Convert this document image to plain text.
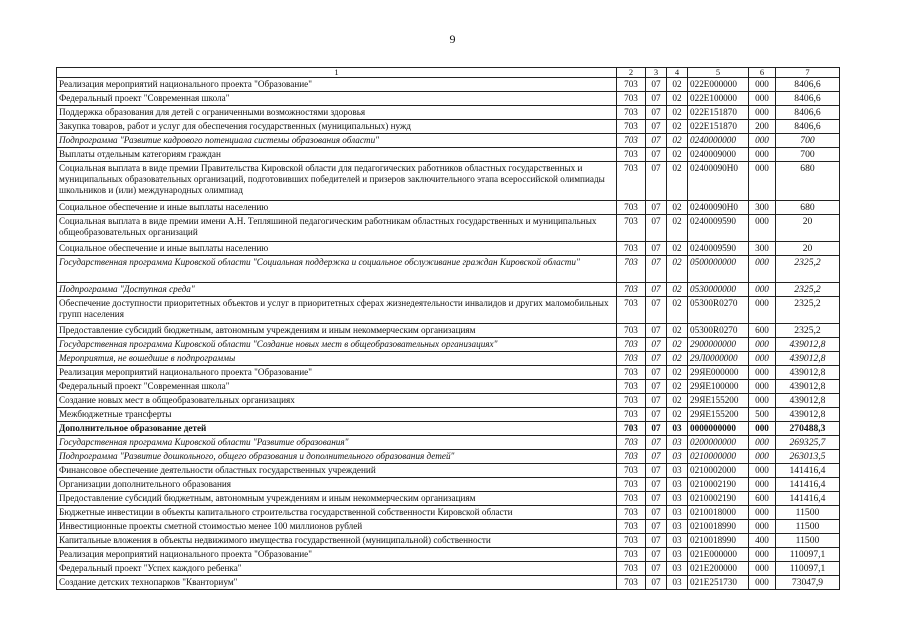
9
1	2	3	4	5	6	7
Реализация мероприятий национального проекта "Образование"	703	07	02	022E000000	000	8406,6
Федеральный проект "Современная школа"	703	07	02	022E100000	000	8406,6
Поддержка образования для детей с ограниченными возможностями здоровья	703	07	02	022E151870	000	8406,6
Закупка товаров, работ и услуг для обеспечения государственных (муниципальных) нужд	703	07	02	022E151870	200	8406,6
Подпрограмма "Развитие кадрового потенциала системы образования области"	703	07	02	0240000000	000	700
Выплаты отдельным категориям граждан	703	07	02	0240009000	000	700
Социальная выплата в виде премии Правительства Кировской области для педагогических работников областных государственных и муниципальных образовательных организаций, подготовивших победителей и призеров заключительного этапа всероссийской олимпиады школьников и (или) международных олимпиад	703	07	02	02400090H0	000	680
Социальное обеспечение и иные выплаты населению	703	07	02	02400090H0	300	680
Социальная выплата в виде премии имени А.Н. Тепляшиной педагогическим работникам областных государственных и муниципальных общеобразовательных организаций	703	07	02	0240009590	000	20
Социальное обеспечение и иные выплаты населению	703	07	02	0240009590	300	20
Государственная программа Кировской области "Социальная поддержка и социальное обслуживание граждан Кировской области"	703	07	02	0500000000	000	2325,2
Подпрограмма "Доступная среда"	703	07	02	0530000000	000	2325,2
Обеспечение доступности приоритетных объектов и услуг в приоритетных сферах жизнедеятельности инвалидов и других маломобильных групп населения	703	07	02	05300R0270	000	2325,2
Предоставление субсидий бюджетным, автономным учреждениям и иным некоммерческим организациям	703	07	02	05300R0270	600	2325,2
Государственная программа Кировской области "Создание новых мест в общеобразовательных организациях"	703	07	02	2900000000	000	439012,8
Мероприятия, не вошедшие в подпрограммы	703	07	02	29Л0000000	000	439012,8
Реализация мероприятий национального проекта "Образование"	703	07	02	29ЯE000000	000	439012,8
Федеральный проект "Современная школа"	703	07	02	29ЯE100000	000	439012,8
Создание новых мест в общеобразовательных организациях	703	07	02	29ЯE155200	000	439012,8
Межбюджетные трансферты	703	07	02	29ЯE155200	500	439012,8
Дополнительное образование детей	703	07	03	0000000000	000	270488,3
Государственная программа Кировской области "Развитие образования"	703	07	03	0200000000	000	269325,7
Подпрограмма "Развитие дошкольного, общего образования и дополнительного образования детей"	703	07	03	0210000000	000	263013,5
Финансовое обеспечение деятельности областных государственных учреждений	703	07	03	0210002000	000	141416,4
Организации дополнительного образования	703	07	03	0210002190	000	141416,4
Предоставление субсидий бюджетным, автономным учреждениям и иным некоммерческим организациям	703	07	03	0210002190	600	141416,4
Бюджетные инвестиции в объекты капитального строительства государственной собственности Кировской области	703	07	03	0210018000	000	11500
Инвестиционные проекты сметной стоимостью менее 100 миллионов рублей	703	07	03	0210018990	000	11500
Капитальные вложения в объекты недвижимого имущества государственной (муниципальной) собственности	703	07	03	0210018990	400	11500
Реализация мероприятий национального проекта "Образование"	703	07	03	021E000000	000	110097,1
Федеральный проект "Успех каждого ребенка"	703	07	03	021E200000	000	110097,1
Создание детских технопарков "Кванториум"	703	07	03	021E251730	000	73047,9
